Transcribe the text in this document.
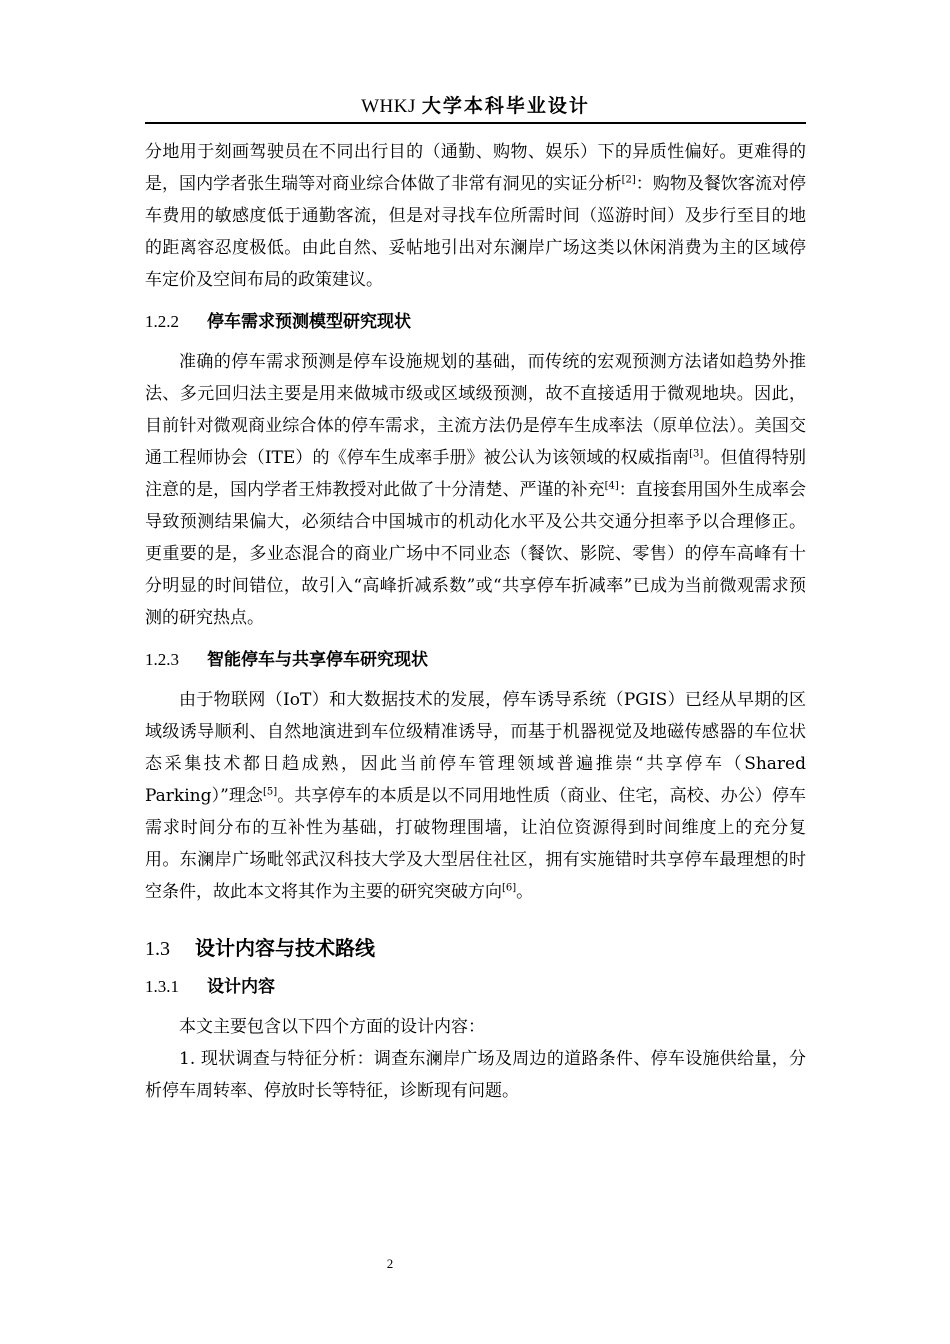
WHKJ 大学本科毕业设计

分地用于刻画驾驶员在不同出行目的（通勤、购物、娱乐）下的异质性偏好。更难得的是，国内学者张生瑞等对商业综合体做了非常有洞见的实证分析[2]：购物及餐饮客流对停车费用的敏感度低于通勤客流，但是对寻找车位所需时间（巡游时间）及步行至目的地的距离容忍度极低。由此自然、妥帖地引出对东澜岸广场这类以休闲消费为主的区域停车定价及空间布局的政策建议。

1.2.2 停车需求预测模型研究现状

准确的停车需求预测是停车设施规划的基础，而传统的宏观预测方法诸如趋势外推法、多元回归法主要是用来做城市级或区域级预测，故不直接适用于微观地块。因此，目前针对微观商业综合体的停车需求，主流方法仍是停车生成率法（原单位法）。美国交通工程师协会（ITE）的《停车生成率手册》被公认为该领域的权威指南[3]。但值得特别注意的是，国内学者王炜教授对此做了十分清楚、严谨的补充[4]：直接套用国外生成率会导致预测结果偏大，必须结合中国城市的机动化水平及公共交通分担率予以合理修正。更重要的是，多业态混合的商业广场中不同业态（餐饮、影院、零售）的停车高峰有十分明显的时间错位，故引入“高峰折减系数”或“共享停车折减率”已成为当前微观需求预测的研究热点。

1.2.3 智能停车与共享停车研究现状

由于物联网（IoT）和大数据技术的发展，停车诱导系统（PGIS）已经从早期的区域级诱导顺利、自然地演进到车位级精准诱导，而基于机器视觉及地磁传感器的车位状态采集技术都日趋成熟，因此当前停车管理领域普遍推崇“共享停车（Shared Parking）”理念[5]。共享停车的本质是以不同用地性质（商业、住宅，高校、办公）停车需求时间分布的互补性为基础，打破物理围墙，让泊位资源得到时间维度上的充分复用。东澜岸广场毗邻武汉科技大学及大型居住社区，拥有实施错时共享停车最理想的时空条件，故此本文将其作为主要的研究突破方向[6]。

1.3 设计内容与技术路线
1.3.1 设计内容

本文主要包含以下四个方面的设计内容：

1. 现状调查与特征分析：调查东澜岸广场及周边的道路条件、停车设施供给量，分析停车周转率、停放时长等特征，诊断现有问题。

2
